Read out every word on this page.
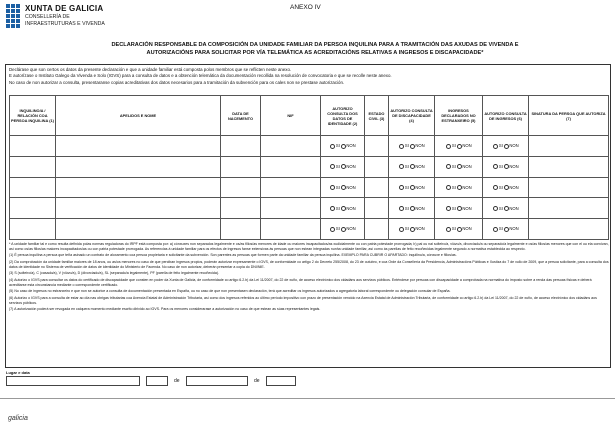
XUNTA DE GALICIA
CONSELLERÍA DE
INFRAESTRUTURAS E VIVENDA
ANEXO IV
DECLARACIÓN RESPONSABLE DA COMPOSICIÓN DA UNIDADE FAMILIAR DA PERSOA INQUILINA PARA A TRAMITACIÓN DAS AXUDAS DE VIVENDA E
AUTORIZACIÓNS PARA SOLICITAR POR VÍA TELEMÁTICA AS ACREDITACIÓNS RELATIVAS A INGRESOS E DISCAPACIDADE*
Declárase que son certos os datos da presente declaración e que a unidade familiar está composta polos membros que se reflicten neste anexo.
E autorízase o Instituto Galego da Vivenda e Solo (IGVS) para a consulta de datos e a obtención telemática da documentación recollida na resolución de convocatoria e que se recolle neste anexo.
No caso de non autorizar a consulta, presentaranse copias acreditativas dos datos necesarios para a tramitación da subvención para os cales non se prestase autorización.
INQUILINO/A / RELACIÓN COA PERSOA INQUILINA (1)	APELIDOS E NOME	DATA DE NACEMENTO	NIF	AUTORIZO CONSULTA DOS DATOS DE IDENTIDADE (2)	ESTADO CIVIL (3)	AUTORIZO CONSULTA DE DISCAPACIDADE (4)	INGRESOS DECLARADOS NO ESTRANXEIRO (5)	AUTORIZO CONSULTA DE INGRESOS (6)	SINATURA DA PERSOA QUE AUTORIZA (7)
				SI NON		SI NON	SI NON	SI NON	
				SI NON		SI NON	SI NON	SI NON	
				SI NON		SI NON	SI NON	SI NON	
				SI NON		SI NON	SI NON	SI NON	
				SI NON		SI NON	SI NON	SI NON	

* A unidade familiar tal e como resulta definida polas normas reguladoras do IRPF está composta por: a) cónxuxes non separados legalmente e os/as fillos/as menores de idade ou maiores incapacitados/as xudicialmente ou con patria potestade prorrogada; b) pai ou nai solteiro/a, viúvo/a, divorciado/a ou separado/a legalmente e os/as fillos/as menores que con el ou ela convivan, así como os/as fillos/as maiores incapacitados/as ou con patria potestade prorrogada. As referencias á unidade familiar para os efectos de ingresos fanse extensivas ás persoas que non estean integradas nunha unidade familiar, así como ás parellas de feito recoñecidas legalmente segundo a normativa establecida ao respecto.

(1) É persoa inquilina a persoa que teña asinado un contrato de aloxamento coa persoa propietaria e solicitante da subvención. Son parentes as persoas que formen parte da unidade familiar da persoa inquilina. EXEMPLO PARA CUBRIR O APARTADO: inquilino/a, cónxuxe e fillos/as.

(2) Da comprobación da unidade familiar maiores de 18 anos, ou as/os menores no caso de que perciban ingresos propios, poderán autorizar expresamente o IGVS, de conformidade co artigo 2 do Decreto 255/2008, do 23 de outubro, e coa Orde da Consellería da Presidencia, Administracións Públicas e Xustiza do 7 de xullo de 2009, que a persoa solicitante, para a consulta dos datos de identidade no Sistema de verificación de datos de identidade do Ministerio de Facenda. No caso de non autorizar, deberán presentar a copia do DNI/NIE.

(3) S (solteiro/a), C (casado/a), V (viúvo/a), D (divorciado/a), SL (separado/a legalmente), PF (parella de feito legalmente recoñecida).

(4) Autorizo o IGVS para consultar os datos do certificado de discapacidade que consten en poder da Xunta de Galicia, de conformidade co artigo 6.2.b) da Lei 11/2007, do 22 de xuño, de acceso electrónico dos cidadáns aos servizos públicos. Enténdese por persoas con discapacidade a comprobada na normativa do imposto sobre a renda das persoas físicas e deberá acreditarse esta circunstancia mediante o correspondente certificado.

(5) No caso de ingresos no estranxeiro e que non se autorice a consulta de documentación presentada en España, ou no caso de que non presentasen declaración, terá que acreditar os ingresos autorizados a agregatoria laboral correspondente ou delegación consular de España.

(6) Autorizo o IGVS para a consulta de estar ao día nas obrigas tributarias coa Axencia Estatal de Administración Tributaria, así como dos ingresos referidos ao último período impositivo con prazo de presentación vencido na Axencia Estatal de Administración Tributaria, de conformidade co artigo 6.2.b) da Lei 11/2007, do 22 de xuño, de acceso electrónico dos cidadáns aos servizos públicos.

(7) A autorización poderá ser revogada en calquera momento mediante escrito dirixido ao IGVS. Para os menores considerarase a autorización no caso de que estean as súas representantes legais.

Lugar e data
de	de
galicia
